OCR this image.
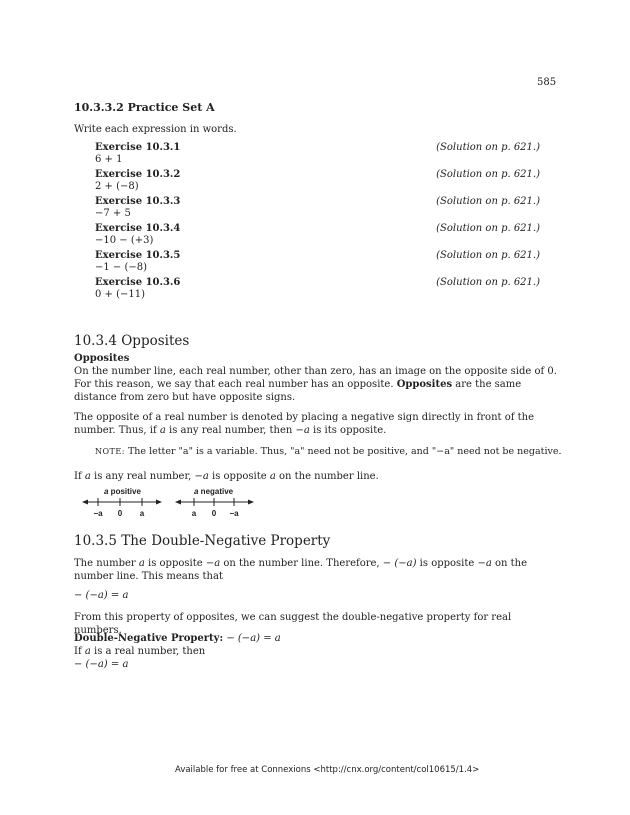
585
10.3.3.2 Practice Set A
Write each expression in words.
Exercise 10.3.1	(Solution on p. 621.)
6 + 1
Exercise 10.3.2	(Solution on p. 621.)
2 + (−8)
Exercise 10.3.3	(Solution on p. 621.)
−7 + 5
Exercise 10.3.4	(Solution on p. 621.)
−10 − (+3)
Exercise 10.3.5	(Solution on p. 621.)
−1 − (−8)
Exercise 10.3.6	(Solution on p. 621.)
0 + (−11)
10.3.4 Opposites
Opposites
On the number line, each real number, other than zero, has an image on the opposite side of 0. For this reason, we say that each real number has an opposite. Opposites are the same distance from zero but have opposite signs.
The opposite of a real number is denoted by placing a negative sign directly in front of the number. Thus, if a is any real number, then −a is its opposite.
NOTE: The letter "a" is a variable. Thus, "a" need not be positive, and "−a" need not be negative.
If a is any real number, −a is opposite a on the number line.
a positive
−a 0 a
a negative
a 0 −a
10.3.5 The Double-Negative Property
The number a is opposite −a on the number line. Therefore, − (−a) is opposite −a on the number line. This means that
− (−a) = a
From this property of opposites, we can suggest the double-negative property for real numbers.
Double-Negative Property: − (−a) = a
If a is a real number, then
− (−a) = a
Available for free at Connexions <http://cnx.org/content/col10615/1.4>
